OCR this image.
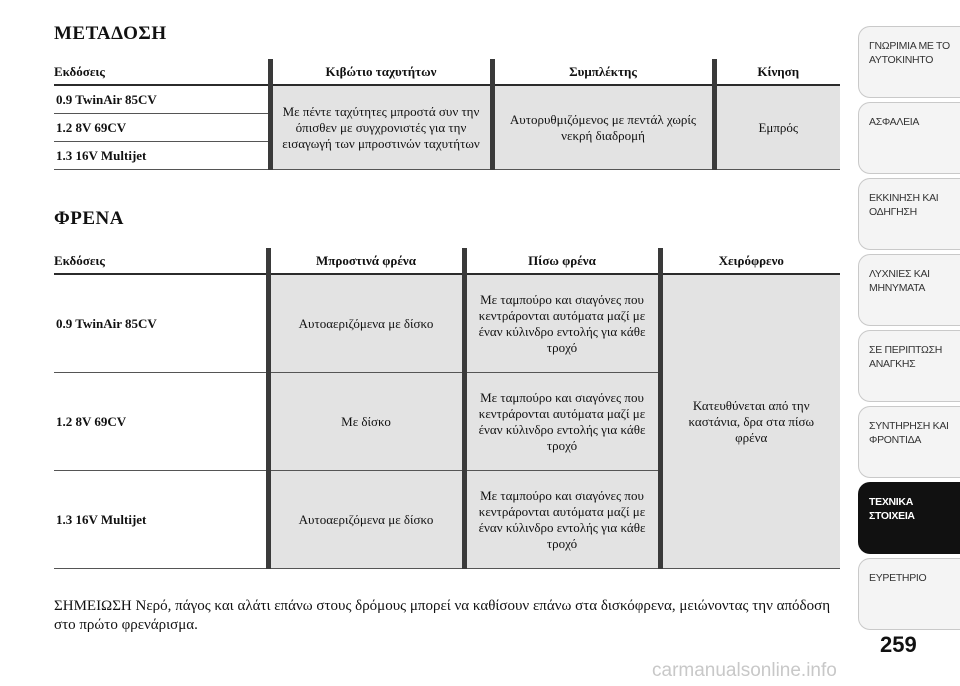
ΜΕΤΑΔΟΣΗ
Εκδόσεις	Κιβώτιο ταχυτήτων	Συμπλέκτης	Κίνηση
0.9 TwinAir 85CV	Με πέντε ταχύτητες μπροστά συν την όπισθεν με συγχρονιστές για την εισαγωγή των μπροστινών ταχυτήτων	Αυτορυθμιζόμενος με πεντάλ χωρίς νεκρή διαδρομή	Εμπρός
1.2 8V 69CV			
1.3 16V Multijet			
ΦΡΕΝΑ
Εκδόσεις	Μπροστινά φρένα	Πίσω φρένα	Χειρόφρενο
0.9 TwinAir 85CV	Αυτοαεριζόμενα με δίσκο	Με ταμπούρο και σιαγόνες που κεντράρονται αυτόματα μαζί με έναν κύλινδρο εντολής για κάθε τροχό	Κατευθύνεται από την καστάνια, δρα στα πίσω φρένα
1.2 8V 69CV	Με δίσκο	Με ταμπούρο και σιαγόνες που κεντράρονται αυτόματα μαζί με έναν κύλινδρο εντολής για κάθε τροχό	
1.3 16V Multijet	Αυτοαεριζόμενα με δίσκο	Με ταμπούρο και σιαγόνες που κεντράρονται αυτόματα μαζί με έναν κύλινδρο εντολής για κάθε τροχό	
ΣΗΜΕΙΩΣΗ Νερό, πάγος και αλάτι επάνω στους δρόμους μπορεί να καθίσουν επάνω στα δισκόφρενα, μειώνοντας την απόδοση στο πρώτο φρενάρισμα.
ΓΝΩΡΙΜΙΑ ΜΕ ΤΟ
ΑΥΤΟΚΙΝΗΤΟ
ΑΣΦΑΛΕΙΑ
ΕΚΚΙΝΗΣΗ ΚΑΙ
ΟΔΗΓΗΣΗ
ΛΥΧΝΙΕΣ ΚΑΙ
ΜΗΝΥΜΑΤΑ
ΣΕ ΠΕΡΙΠΤΩΣΗ
ΑΝΑΓΚΗΣ
ΣΥΝΤΗΡΗΣΗ ΚΑΙ
ΦΡΟΝΤΙΔΑ
ΤΕΧΝΙΚΑ
ΣΤΟΙΧΕΙΑ
ΕΥΡΕΤΗΡΙΟ
259
carmanualsonline.info
